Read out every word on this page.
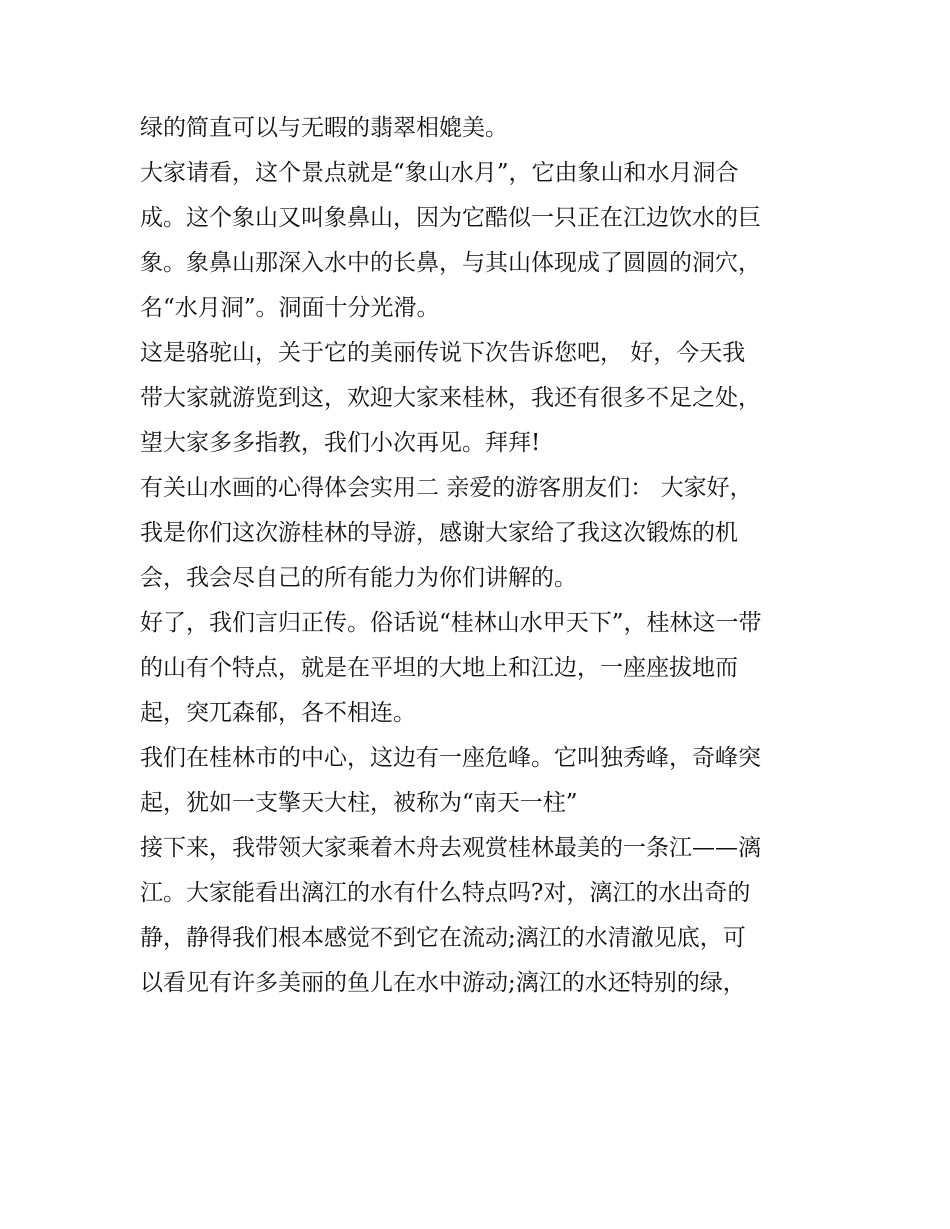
绿的简直可以与无暇的翡翠相媲美。
大家请看，这个景点就是“象山水月”，它由象山和水月洞合
成。这个象山又叫象鼻山，因为它酷似一只正在江边饮水的巨
象。象鼻山那深入水中的长鼻，与其山体现成了圆圆的洞穴，
名“水月洞”。洞面十分光滑。
这是骆驼山，关于它的美丽传说下次告诉您吧， 好，今天我
带大家就游览到这，欢迎大家来桂林，我还有很多不足之处，
望大家多多指教，我们小次再见。拜拜!
有关山水画的心得体会实用二 亲爱的游客朋友们： 大家好，
我是你们这次游桂林的导游，感谢大家给了我这次锻炼的机
会，我会尽自己的所有能力为你们讲解的。
好了，我们言归正传。俗话说“桂林山水甲天下”，桂林这一带
的山有个特点，就是在平坦的大地上和江边，一座座拔地而
起，突兀森郁，各不相连。
我们在桂林市的中心，这边有一座危峰。它叫独秀峰，奇峰突
起，犹如一支擎天大柱，被称为“南天一柱”
接下来，我带领大家乘着木舟去观赏桂林最美的一条江——漓
江。大家能看出漓江的水有什么特点吗?对，漓江的水出奇的
静，静得我们根本感觉不到它在流动;漓江的水清澈见底，可
以看见有许多美丽的鱼儿在水中游动;漓江的水还特别的绿，
